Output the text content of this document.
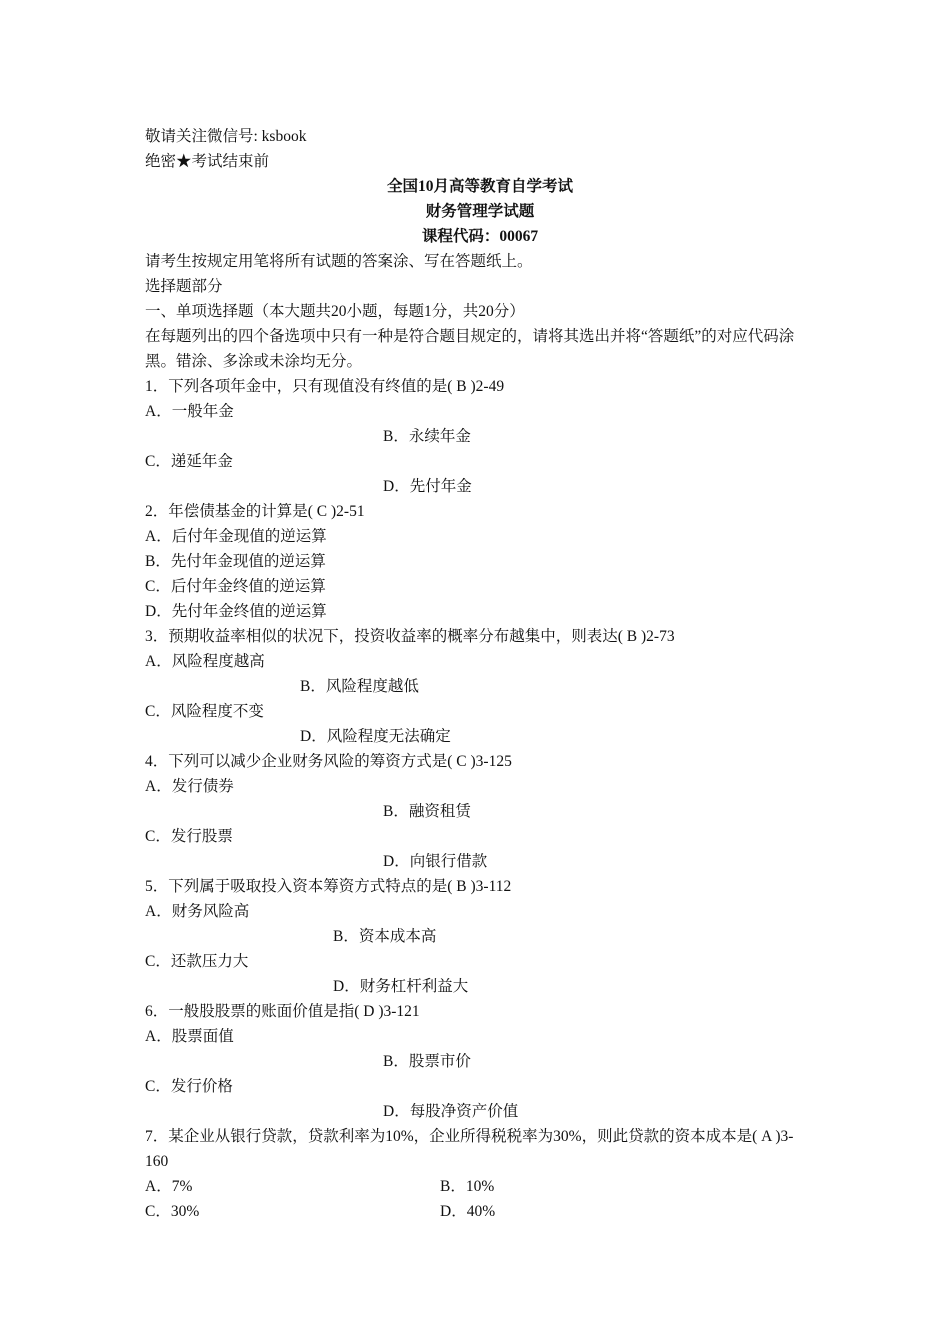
敬请关注微信号: ksbook
绝密★考试结束前
全国10月高等教育自学考试
财务管理学试题
课程代码：00067
请考生按规定用笔将所有试题的答案涂、写在答题纸上。
选择题部分
一、单项选择题（本大题共20小题，每题1分，共20分）
在每题列出的四个备选项中只有一种是符合题目规定的，请将其选出并将“答题纸”的对应代码涂黑。错涂、多涂或未涂均无分。
1．下列各项年金中，只有现值没有终值的是( B )2-49
A．一般年金
B．永续年金
C．递延年金
D．先付年金
2．年偿债基金的计算是( C )2-51
A．后付年金现值的逆运算
B．先付年金现值的逆运算
C．后付年金终值的逆运算
D．先付年金终值的逆运算
3．预期收益率相似的状况下，投资收益率的概率分布越集中，则表达( B )2-73
A．风险程度越高
B．风险程度越低
C．风险程度不变
D．风险程度无法确定
4．下列可以减少企业财务风险的筹资方式是( C )3-125
A．发行债券
B．融资租赁
C．发行股票
D．向银行借款
5．下列属于吸取投入资本筹资方式特点的是( B )3-112
A．财务风险高
B．资本成本高
C．还款压力大
D．财务杠杆利益大
6．一般股股票的账面价值是指( D )3-121
A．股票面值
B．股票市价
C．发行价格
D．每股净资产价值
7．某企业从银行贷款，贷款利率为10%，企业所得税税率为30%，则此贷款的资本成本是( A )3-160
A．7%	B．10%
C．30%	D．40%
